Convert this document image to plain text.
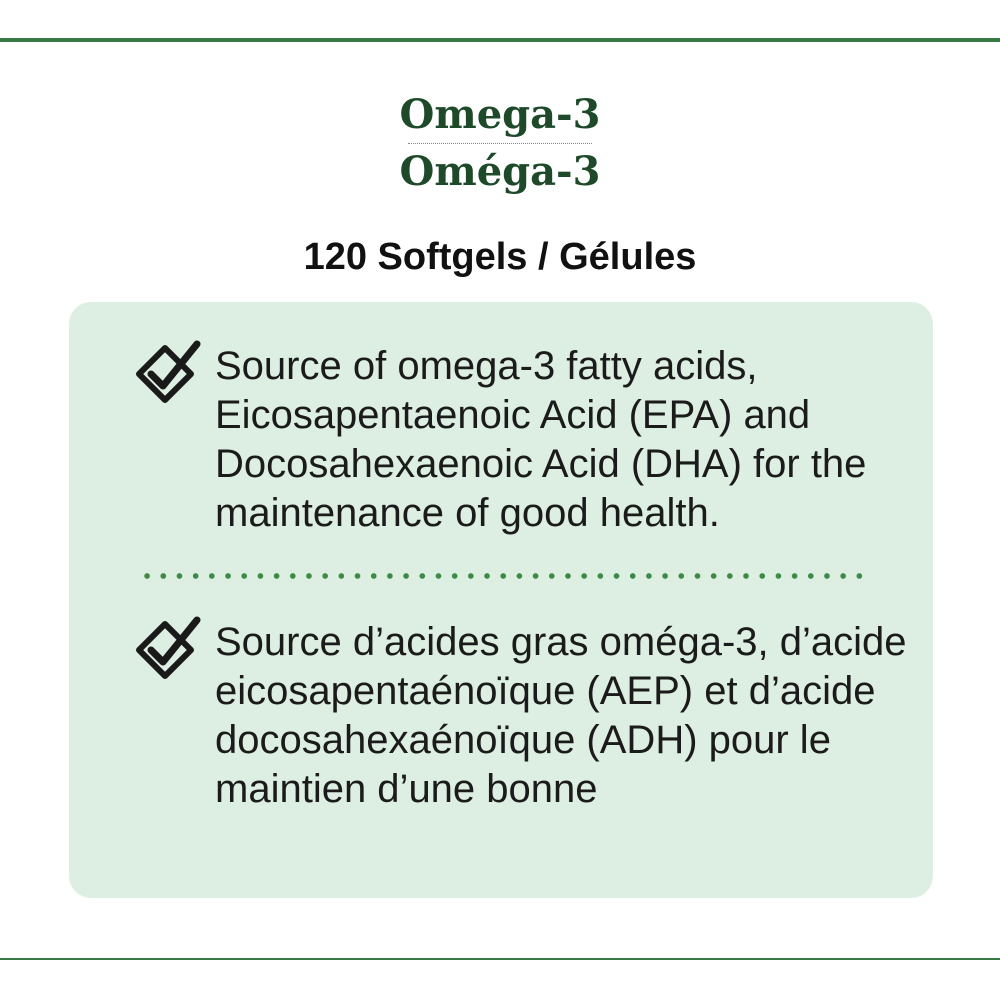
Omega-3
Oméga-3
120 Softgels / Gélules
Source of omega-3 fatty acids, Eicosapentaenoic Acid (EPA) and Docosahexaenoic Acid (DHA) for the maintenance of good health.
Source d’acides gras oméga-3, d’acide eicosapentaénoïque (AEP) et d’acide docosahexaénoïque (ADH) pour le maintien d’une bonne
